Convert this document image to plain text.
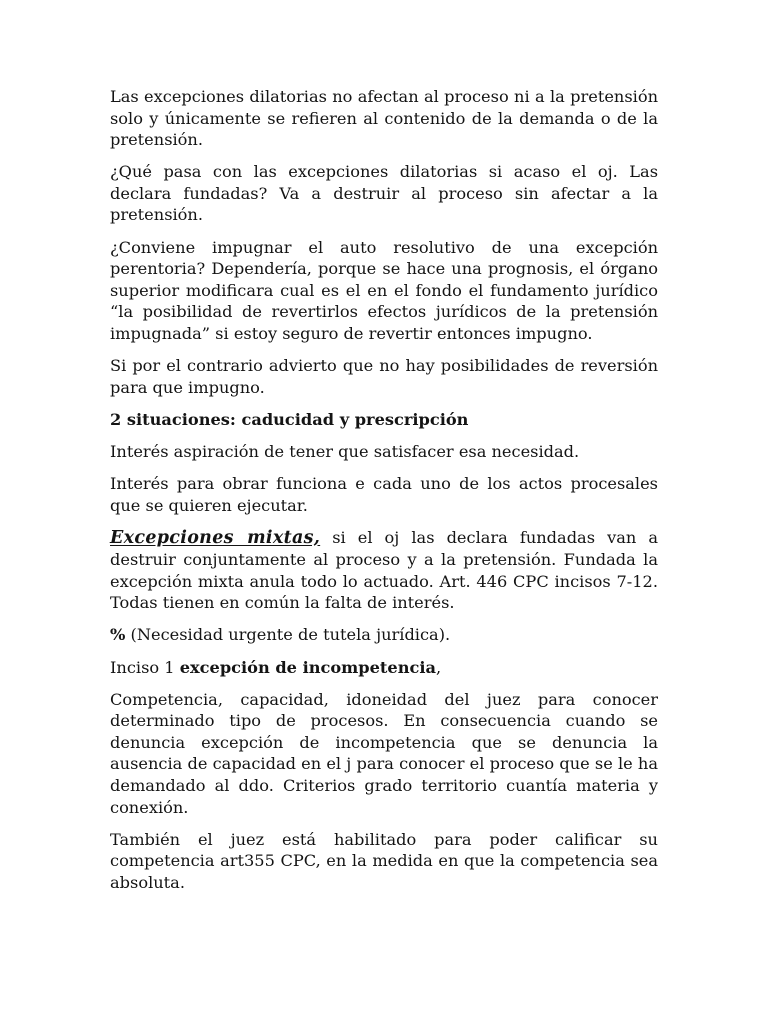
Las excepciones dilatorias no afectan al proceso ni a la pretensión solo y únicamente se refieren al contenido de la demanda o de la pretensión.

¿Qué pasa con las excepciones dilatorias si acaso el oj. Las declara fundadas? Va a destruir al proceso sin afectar a la pretensión.

¿Conviene impugnar el auto resolutivo de una excepción perentoria? Dependería, porque se hace una prognosis, el órgano superior modificara cual es el en el fondo el fundamento jurídico “la posibilidad de revertirlos efectos jurídicos de la pretensión impugnada” si estoy seguro de revertir entonces impugno.

Si por el contrario advierto que no hay posibilidades de reversión para que impugno.

2 situaciones: caducidad y prescripción

Interés aspiración de tener que satisfacer esa necesidad.

Interés para obrar funciona e cada uno de los actos procesales que se quieren ejecutar.

Excepciones mixtas, si el oj las declara fundadas van a destruir conjuntamente al proceso y a la pretensión. Fundada la excepción mixta anula todo lo actuado. Art. 446 CPC incisos 7-12. Todas tienen en común la falta de interés.

% (Necesidad urgente de tutela jurídica).

Inciso 1 excepción de incompetencia,

Competencia, capacidad, idoneidad del juez para conocer determinado tipo de procesos. En consecuencia cuando se denuncia excepción de incompetencia que se denuncia la ausencia de capacidad en el j para conocer el proceso que se le ha demandado al ddo. Criterios grado territorio cuantía materia y conexión.

También el juez está habilitado para poder calificar su competencia art355 CPC, en la medida en que la competencia sea absoluta.
